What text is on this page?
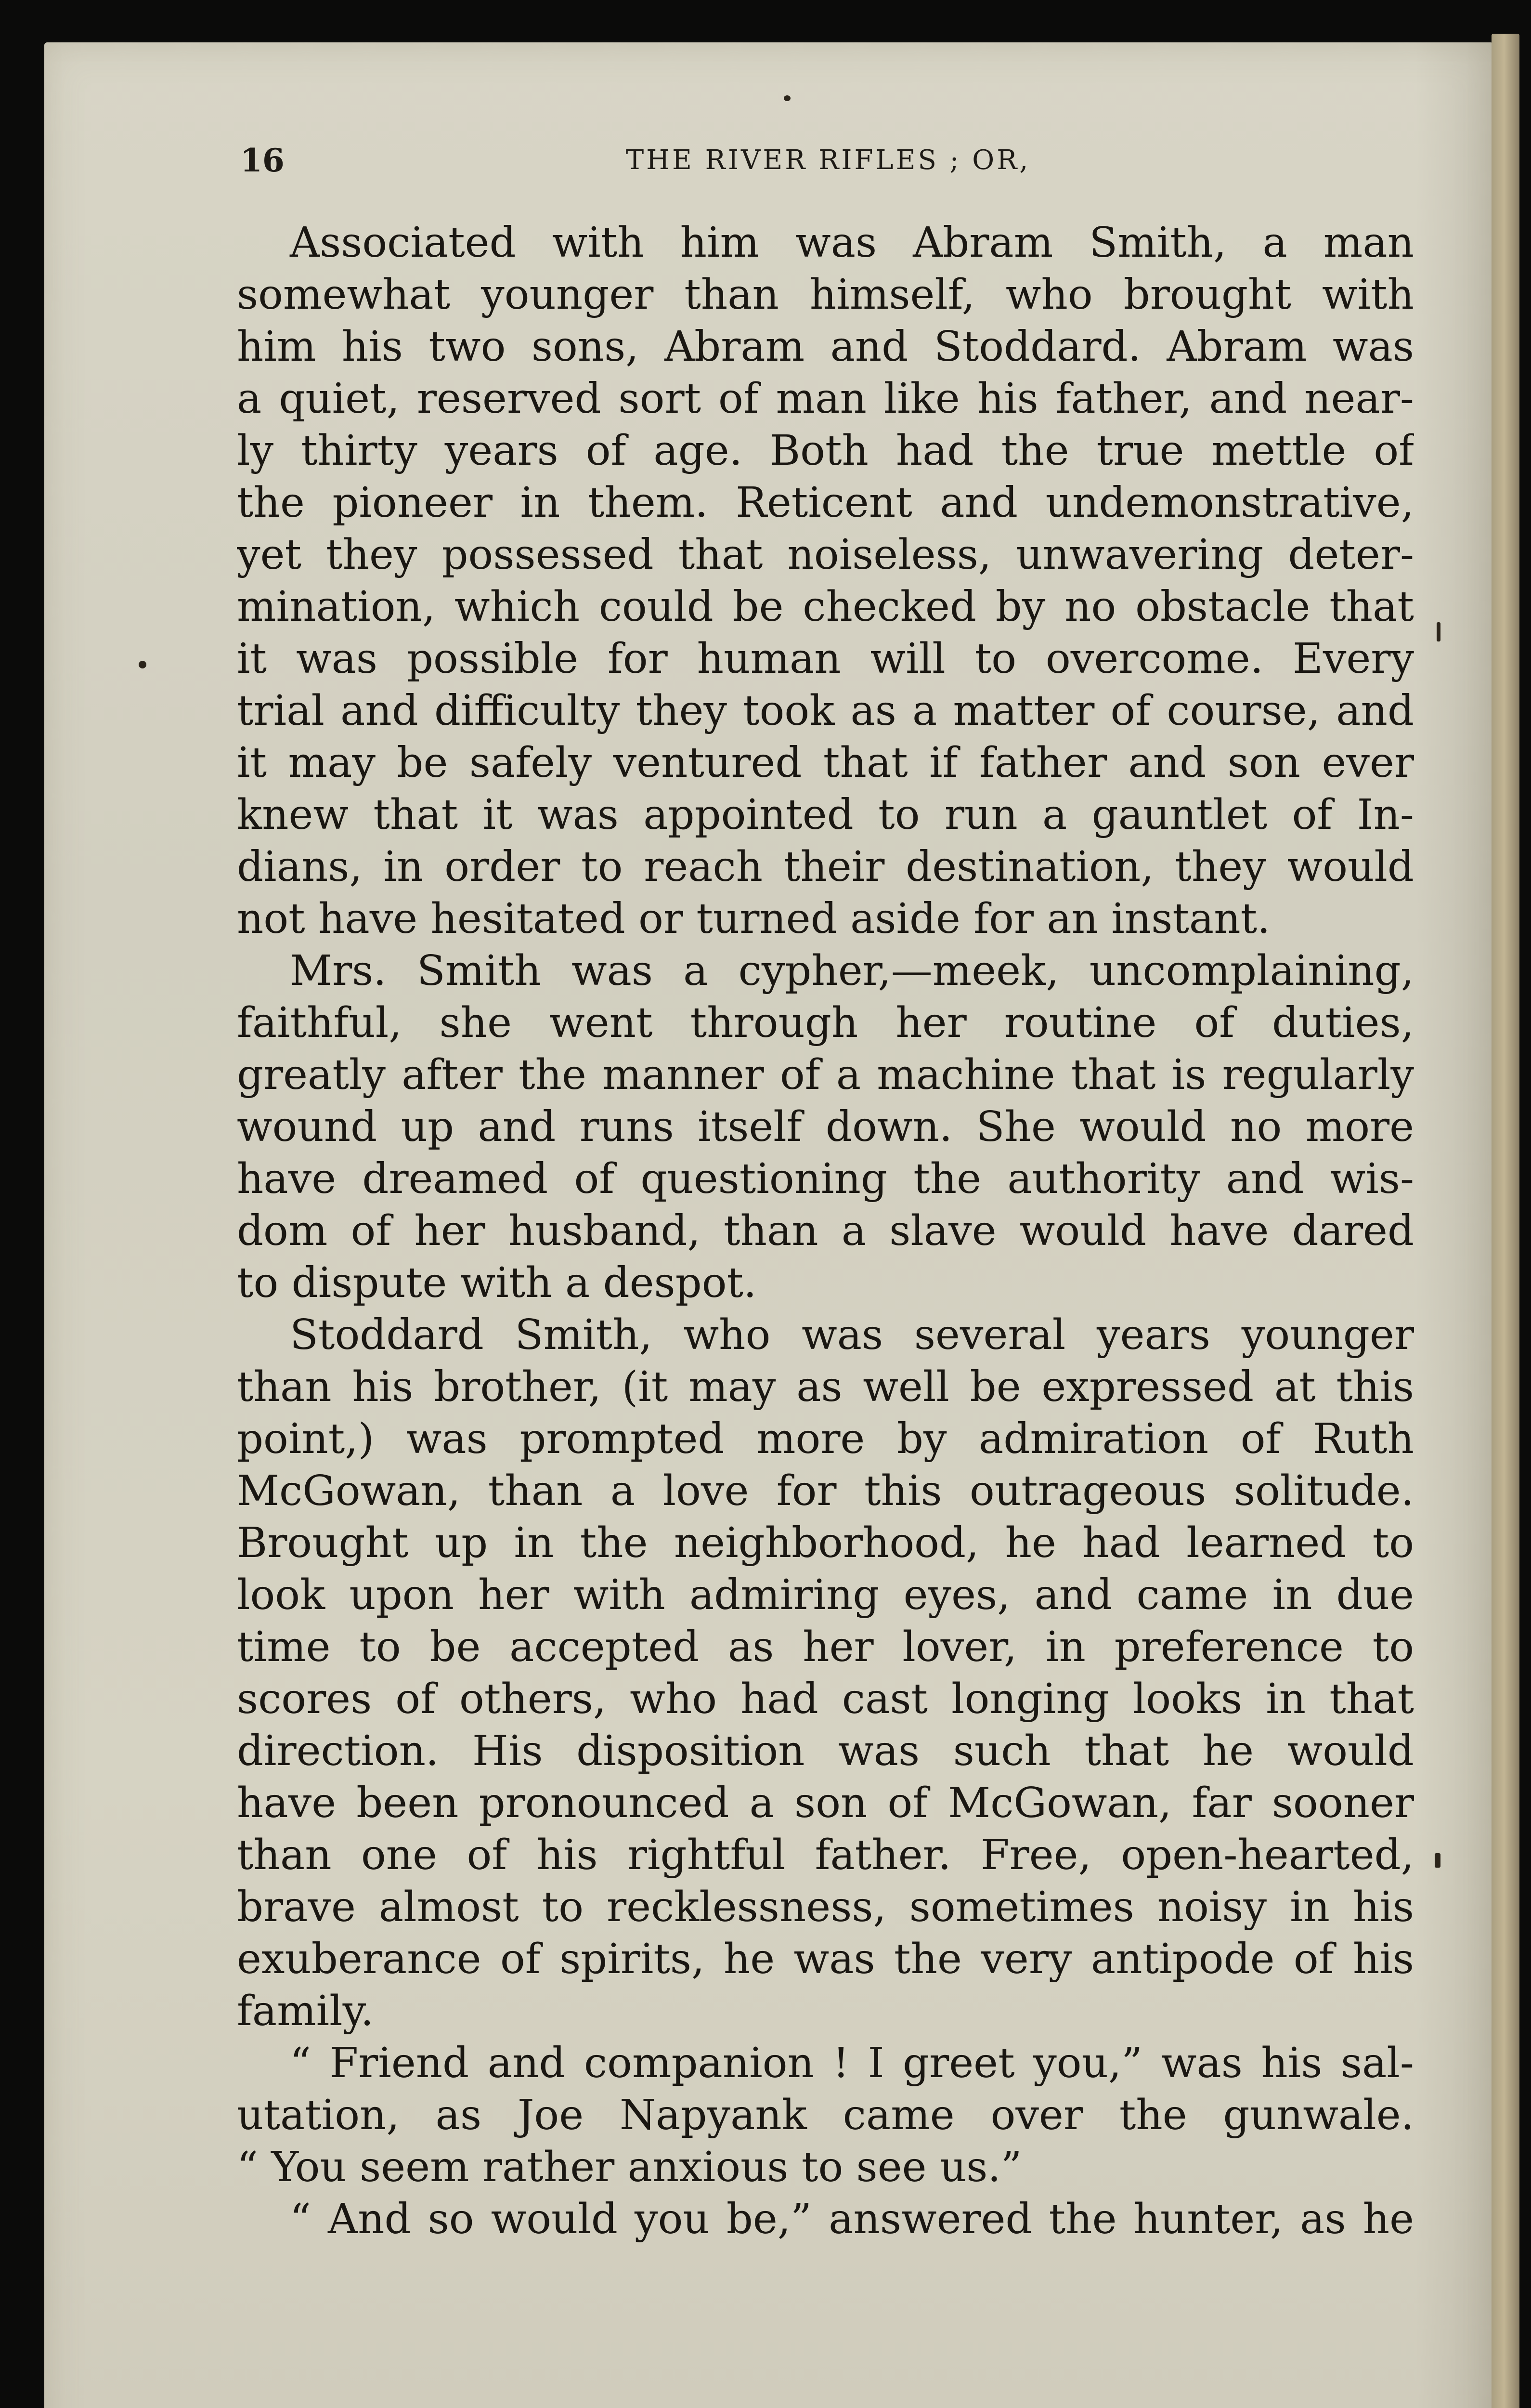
16	THE RIVER RIFLES ; OR,
Associated with him was Abram Smith, a man
somewhat younger than himself, who brought with
him his two sons, Abram and Stoddard. Abram was
a quiet, reserved sort of man like his father, and near-
ly thirty years of age. Both had the true mettle of
the pioneer in them. Reticent and undemonstrative,
yet they possessed that noiseless, unwavering deter-
mination, which could be checked by no obstacle that
it was possible for human will to overcome. Every
trial and difficulty they took as a matter of course, and
it may be safely ventured that if father and son ever
knew that it was appointed to run a gauntlet of In-
dians, in order to reach their destination, they would
not have hesitated or turned aside for an instant.
Mrs. Smith was a cypher,—meek, uncomplaining,
faithful, she went through her routine of duties,
greatly after the manner of a machine that is regularly
wound up and runs itself down. She would no more
have dreamed of questioning the authority and wis-
dom of her husband, than a slave would have dared
to dispute with a despot.
Stoddard Smith, who was several years younger
than his brother, (it may as well be expressed at this
point,) was prompted more by admiration of Ruth
McGowan, than a love for this outrageous solitude.
Brought up in the neighborhood, he had learned to
look upon her with admiring eyes, and came in due
time to be accepted as her lover, in preference to
scores of others, who had cast longing looks in that
direction. His disposition was such that he would
have been pronounced a son of McGowan, far sooner
than one of his rightful father. Free, open-hearted,
brave almost to recklessness, sometimes noisy in his
exuberance of spirits, he was the very antipode of his
family.
“ Friend and companion ! I greet you,” was his sal-
utation, as Joe Napyank came over the gunwale.
“ You seem rather anxious to see us.”
“ And so would you be,” answered the hunter, as he
